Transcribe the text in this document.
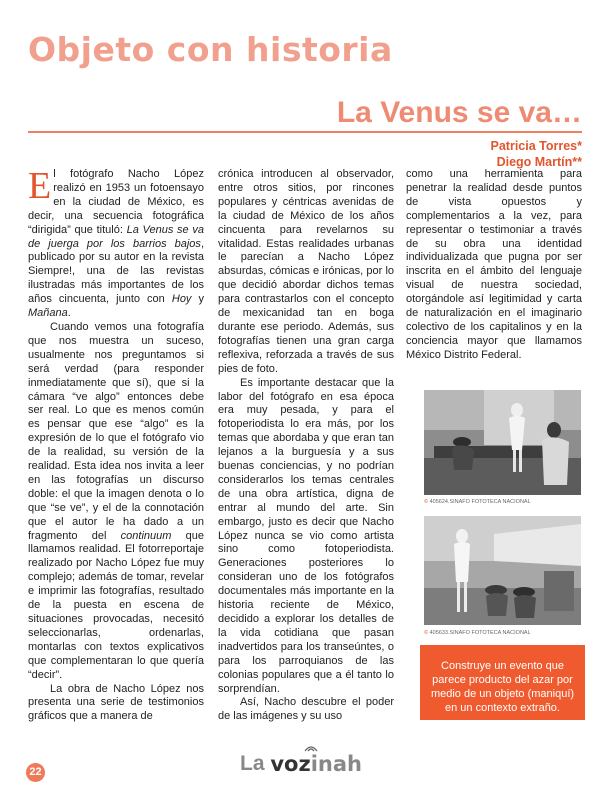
Objeto con historia
La Venus se va…
Patricia Torres*
Diego Martín**

El fotógrafo Nacho López realizó en 1953 un fotoensayo en la ciudad de México, es decir, una secuencia fotográfica “dirigida” que tituló: La Venus se va de juerga por los barrios bajos, publicado por su autor en la revista Siempre!, una de las revistas ilustradas más importantes de los años cincuenta, junto con Hoy y Mañana.

Cuando vemos una fotografía que nos muestra un suceso, usualmente nos preguntamos si será verdad (para responder inmediatamente que sí), que si la cámara “ve algo” entonces debe ser real. Lo que es menos común es pensar que ese “algo” es la expresión de lo que el fotógrafo vio de la realidad, su versión de la realidad. Esta idea nos invita a leer en las fotografías un discurso doble: el que la imagen denota o lo que “se ve”, y el de la connotación que el autor le ha dado a un fragmento del continuum que llamamos realidad. El fotorreportaje realizado por Nacho López fue muy complejo; además de tomar, revelar e imprimir las fotografías, resultado de la puesta en escena de situaciones provocadas, necesitó seleccionarlas, ordenarlas, montarlas con textos explicativos que complementaran lo que quería “decir”.

La obra de Nacho López nos presenta una serie de testimonios gráficos que a manera de

crónica introducen al observador, entre otros sitios, por rincones populares y céntricas avenidas de la ciudad de México de los años cincuenta para revelarnos su vitalidad. Estas realidades urbanas le parecían a Nacho López absurdas, cómicas e irónicas, por lo que decidió abordar dichos temas para contrastarlos con el concepto de mexicanidad tan en boga durante ese periodo. Además, sus fotografías tienen una gran carga reflexiva, reforzada a través de sus pies de foto.

Es importante destacar que la labor del fotógrafo en esa época era muy pesada, y para el fotoperiodista lo era más, por los temas que abordaba y que eran tan lejanos a la burguesía y a sus buenas conciencias, y no podrían considerarlos los temas centrales de una obra artística, digna de entrar al mundo del arte. Sin embargo, justo es decir que Nacho López nunca se vio como artista sino como fotoperiodista. Generaciones posteriores lo consideran uno de los fotógrafos documentales más importante en la historia reciente de México, decidido a explorar los detalles de la vida cotidiana que pasan inadvertidos para los transeúntes, o para los parroquianos de las colonias populares que a él tanto lo sorprendían.

Así, Nacho descubre el poder de las imágenes y su uso

como una herramienta para penetrar la realidad desde puntos de vista opuestos y complementarios a la vez, para representar o testimoniar a través de su obra una identidad individualizada que pugna por ser inscrita en el ámbito del lenguaje visual de nuestra sociedad, otorgándole así legitimidad y carta de naturalización en el imaginario colectivo de los capitalinos y en la conciencia mayor que llamamos México Distrito Federal.

© 405624.SINAFO FOTOTECA NACIONAL
© 405633.SINAFO FOTOTECA NACIONAL
Construye un evento que parece producto del azar por medio de un objeto (maniquí) en un contexto extraño.
22	La vozinah
